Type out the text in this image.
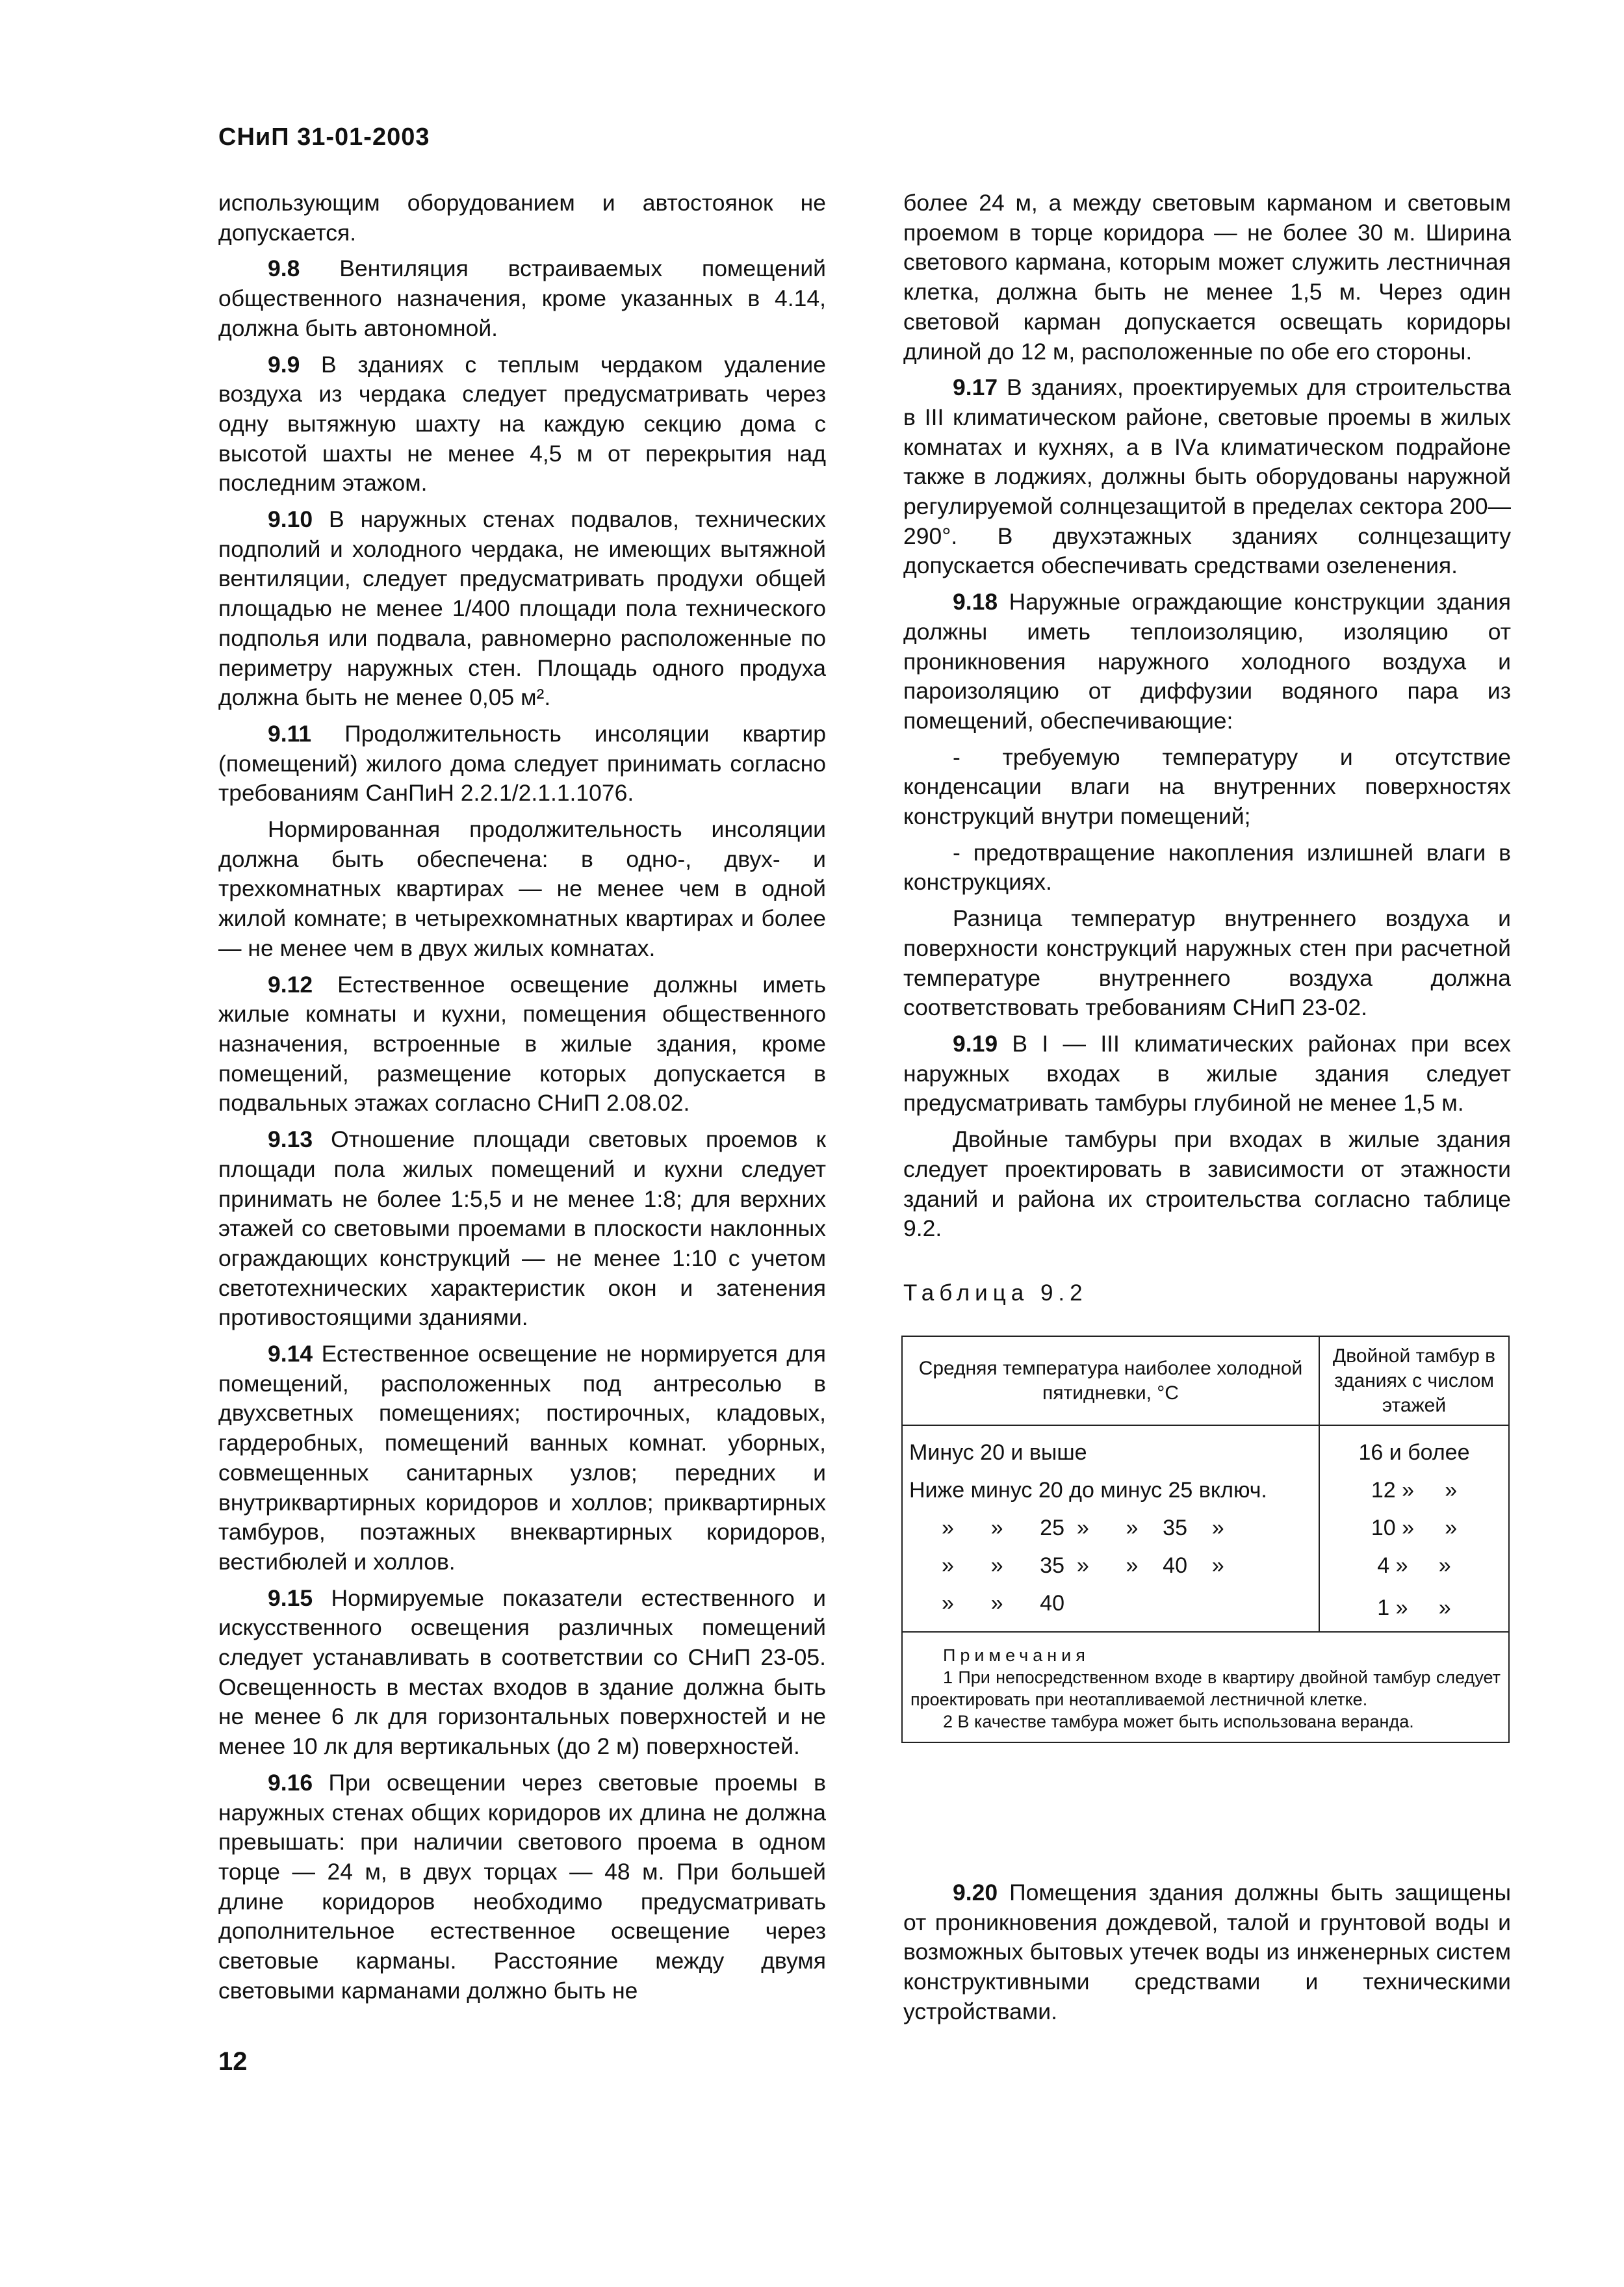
СНиП 31-01-2003

использующим оборудованием и автостоянок не допускается.

9.8 Вентиляция встраиваемых помещений общественного назначения, кроме указанных в 4.14, должна быть автономной.

9.9 В зданиях с теплым чердаком удаление воздуха из чердака следует предусматривать через одну вытяжную шахту на каждую секцию дома с высотой шахты не менее 4,5 м от перекрытия над последним этажом.

9.10 В наружных стенах подвалов, технических подполий и холодного чердака, не имеющих вытяжной вентиляции, следует предусматривать продухи общей площадью не менее 1/400 площади пола технического подполья или подвала, равномерно расположенные по периметру наружных стен. Площадь одного продуха должна быть не менее 0,05 м².

9.11 Продолжительность инсоляции квартир (помещений) жилого дома следует принимать согласно требованиям СанПиН 2.2.1/2.1.1.1076.

Нормированная продолжительность инсоляции должна быть обеспечена: в одно-, двух- и трехкомнатных квартирах — не менее чем в одной жилой комнате; в четырехкомнатных квартирах и более — не менее чем в двух жилых комнатах.

9.12 Естественное освещение должны иметь жилые комнаты и кухни, помещения общественного назначения, встроенные в жилые здания, кроме помещений, размещение которых допускается в подвальных этажах согласно СНиП 2.08.02.

9.13 Отношение площади световых проемов к площади пола жилых помещений и кухни следует принимать не более 1:5,5 и не менее 1:8; для верхних этажей со световыми проемами в плоскости наклонных ограждающих конструкций — не менее 1:10 с учетом светотехнических характеристик окон и затенения противостоящими зданиями.

9.14 Естественное освещение не нормируется для помещений, расположенных под антресолью в двухсветных помещениях; постирочных, кладовых, гардеробных, помещений ванных комнат. уборных, совмещенных санитарных узлов; передних и внутриквартирных коридоров и холлов; приквартирных тамбуров, поэтажных внеквартирных коридоров, вестибюлей и холлов.

9.15 Нормируемые показатели естественного и искусственного освещения различных помещений следует устанавливать в соответствии со СНиП 23-05. Освещенность в местах входов в здание должна быть не менее 6 лк для горизонтальных поверхностей и не менее 10 лк для вертикальных (до 2 м) поверхностей.

9.16 При освещении через световые проемы в наружных стенах общих коридоров их длина не должна превышать: при наличии светового проема в одном торце — 24 м, в двух торцах — 48 м. При большей длине коридоров необходимо предусматривать дополнительное естественное освещение через световые карманы. Расстояние между двумя световыми карманами должно быть не

более 24 м, а между световым карманом и световым проемом в торце коридора — не более 30 м. Ширина светового кармана, которым может служить лестничная клетка, должна быть не менее 1,5 м. Через один световой карман допускается освещать коридоры длиной до 12 м, расположенные по обе его стороны.

9.17 В зданиях, проектируемых для строительства в III климатическом районе, световые проемы в жилых комнатах и кухнях, а в IVа климатическом подрайоне также в лоджиях, должны быть оборудованы наружной регулируемой солнцезащитой в пределах сектора 200—290°. В двухэтажных зданиях солнцезащиту допускается обеспечивать средствами озеленения.

9.18 Наружные ограждающие конструкции здания должны иметь теплоизоляцию, изоляцию от проникновения наружного холодного воздуха и пароизоляцию от диффузии водяного пара из помещений, обеспечивающие:

- требуемую температуру и отсутствие конденсации влаги на внутренних поверхностях конструкций внутри помещений;

- предотвращение накопления излишней влаги в конструкциях.

Разница температур внутреннего воздуха и поверхности конструкций наружных стен при расчетной температуре внутреннего воздуха должна соответствовать требованиям СНиП 23-02.

9.19 В I — III климатических районах при всех наружных входах в жилые здания следует предусматривать тамбуры глубиной не менее 1,5 м.

Двойные тамбуры при входах в жилые здания следует проектировать в зависимости от этажности зданий и района их строительства согласно таблице 9.2.

Таблица 9.2
Средняя температура наиболее холодной пятидневки, °С	Двойной тамбур в зданиях с числом этажей
Минус 20 и выше	16 и более
Ниже минус 20 до минус 25 включ.	12 »     »
»      »      25  »      »    35    »	10 »     »
»      »      35  »      »    40    »	4 »     »
»      »      40	1 »     »

Примечания
1 При непосредственном входе в квартиру двойной тамбур следует проектировать при неотапливаемой лестничной клетке.
2 В качестве тамбура может быть использована веранда.	

9.20 Помещения здания должны быть защищены от проникновения дождевой, талой и грунтовой воды и возможных бытовых утечек воды из инженерных систем конструктивными средствами и техническими устройствами.

12
